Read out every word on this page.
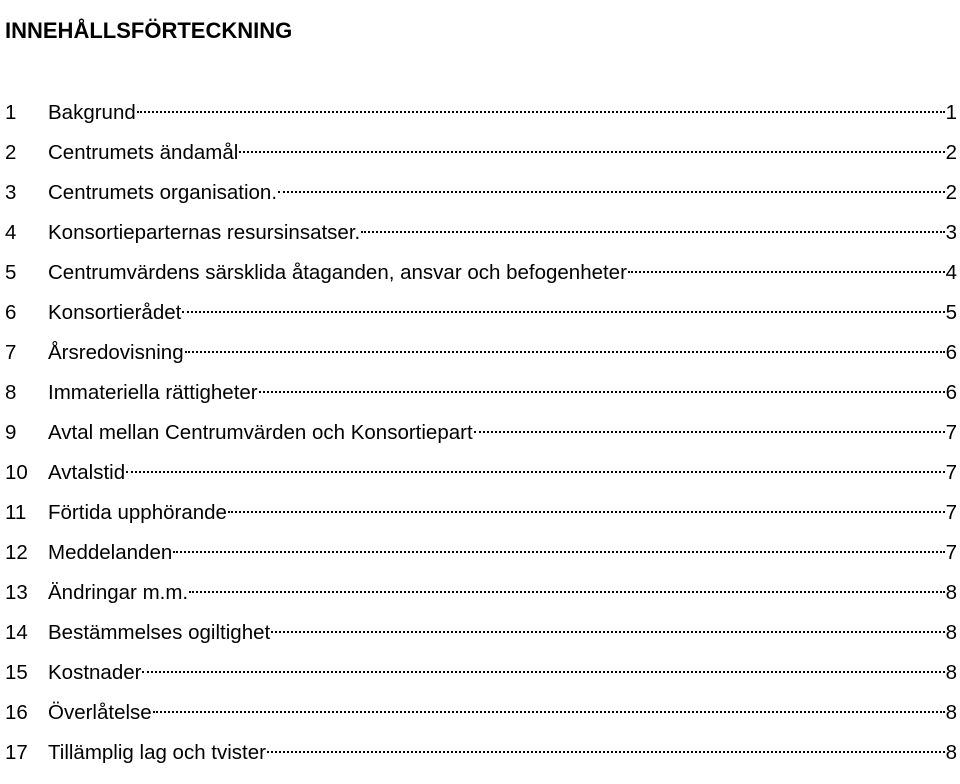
INNEHÅLLSFÖRTECKNING
1	Bakgrund	1
2	Centrumets ändamål	2
3	Centrumets organisation.	2
4	Konsortieparternas resursinsatser.	3
5	Centrumvärdens särsklida åtaganden, ansvar och befogenheter	4
6	Konsortierådet	5
7	Årsredovisning	6
8	Immateriella rättigheter	6
9	Avtal mellan Centrumvärden och Konsortiepart	7
10 Avtalstid	7
11	Förtida upphörande	7
12 Meddelanden	7
13 Ändringar m.m.	8
14 Bestämmelses ogiltighet	8
15 Kostnader	8
16 Överlåtelse	8
17 Tillämplig lag och tvister	8
